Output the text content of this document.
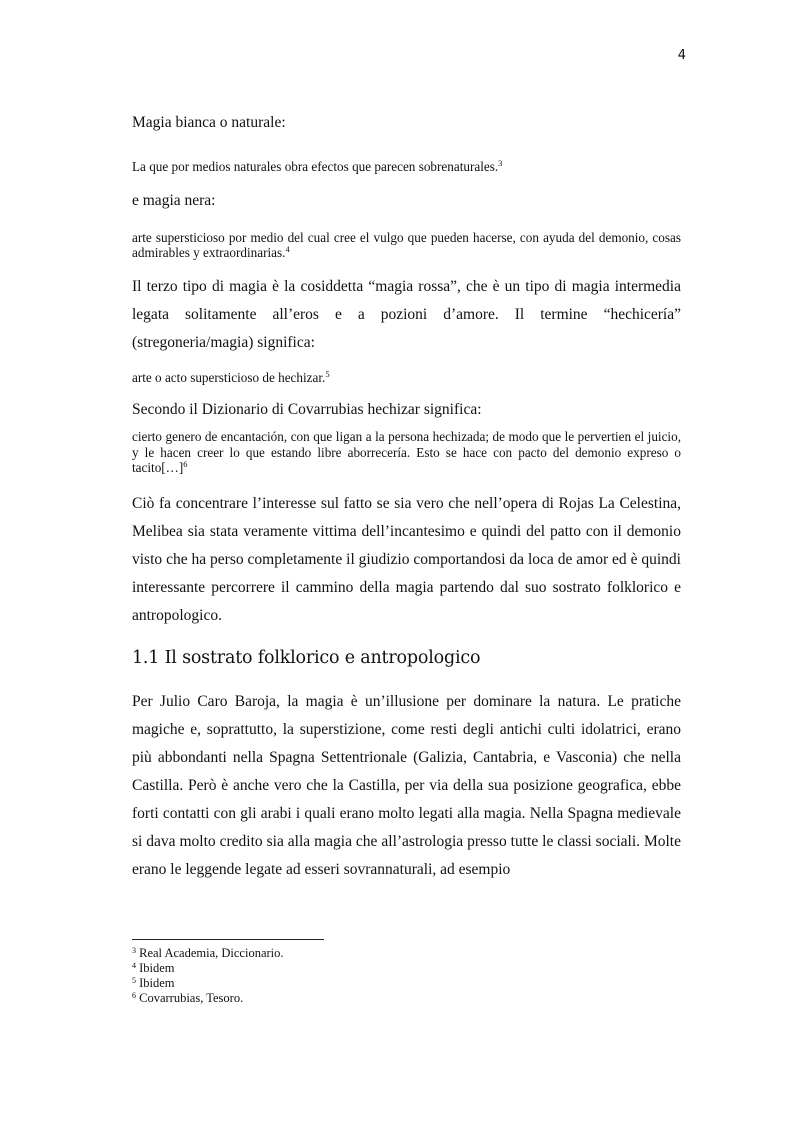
4

Magia bianca o naturale:

La que por medios naturales obra efectos que parecen sobrenaturales.$^3$

e magia nera:

arte supersticioso por medio del cual cree el vulgo que pueden hacerse, con ayuda del demonio, cosas admirables y extraordinarias.$^4$

Il terzo tipo di magia è la cosiddetta “magia rossa”, che è un tipo di magia intermedia legata solitamente all’eros e a pozioni d’amore. Il termine “hechicería” (stregoneria/magia) significa:

arte o acto supersticioso de hechizar.$^5$

Secondo il Dizionario di Covarrubias hechizar significa:

cierto genero de encantación, con que ligan a la persona hechizada; de modo que le pervertien el juicio, y le hacen creer lo que estando libre aborrecería. Esto se hace con pacto del demonio expreso o tacito[…]$^6$

Ciò fa concentrare l’interesse sul fatto se sia vero che nell’opera di Rojas La Celestina, Melibea sia stata veramente vittima dell’incantesimo e quindi del patto con il demonio visto che ha perso completamente il giudizio comportandosi da loca de amor ed è quindi interessante percorrere il cammino della magia partendo dal suo sostrato folklorico e antropologico.

1.1 Il sostrato folklorico e antropologico

Per Julio Caro Baroja, la magia è un’illusione per dominare la natura. Le pratiche magiche e, soprattutto, la superstizione, come resti degli antichi culti idolatrici, erano più abbondanti nella Spagna Settentrionale (Galizia, Cantabria, e Vasconia) che nella Castilla. Però è anche vero che la Castilla, per via della sua posizione geografica, ebbe forti contatti con gli arabi i quali erano molto legati alla magia. Nella Spagna medievale si dava molto credito sia alla magia che all’astrologia presso tutte le classi sociali. Molte erano le leggende legate ad esseri sovrannaturali, ad esempio

$^3$ Real Academia, Diccionario.

$^4$ Ibidem

$^5$ Ibidem

$^6$ Covarrubias, Tesoro.
